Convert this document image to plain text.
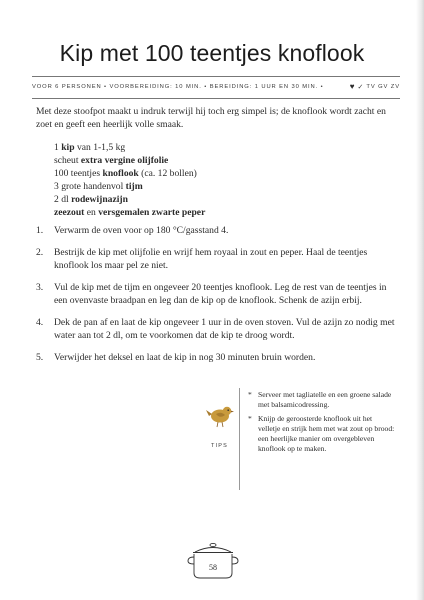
Kip met 100 teentjes knoflook
VOOR 6 PERSONEN • VOORBEREIDING: 10 MIN. • BEREIDING: 1 UUR EN 30 MIN. •	♥ ✓ TV GV ZV

Met deze stoofpot maakt u indruk terwijl hij toch erg simpel is; de knoflook wordt zacht en zoet en geeft een heerlijk volle smaak.

1 kip van 1-1,5 kg
scheut extra vergine olijfolie
100 teentjes knoflook (ca. 12 bollen)
3 grote handenvol tijm
2 dl rodewijnazijn
zeezout en versgemalen zwarte peper
1.	Verwarm de oven voor op 180 °C/gasstand 4.
2.	Bestrijk de kip met olijfolie en wrijf hem royaal in zout en peper. Haal de teentjes knoflook los maar pel ze niet.
3.	Vul de kip met de tijm en ongeveer 20 teentjes knoflook. Leg de rest van de teentjes in een ovenvaste braadpan en leg dan de kip op de knoflook. Schenk de azijn erbij.
4.	Dek de pan af en laat de kip ongeveer 1 uur in de oven stoven. Vul de azijn zo nodig met water aan tot 2 dl, om te voorkomen dat de kip te droog wordt.
5.	Verwijder het deksel en laat de kip in nog 30 minuten bruin worden.
TIPS
* Serveer met tagliatelle en een groene salade met balsamicodressing.
* Knijp de geroosterde knoflook uit het velletje en strijk hem met wat zout op brood: een heerlijke manier om overgebleven knoflook op te maken.
58
